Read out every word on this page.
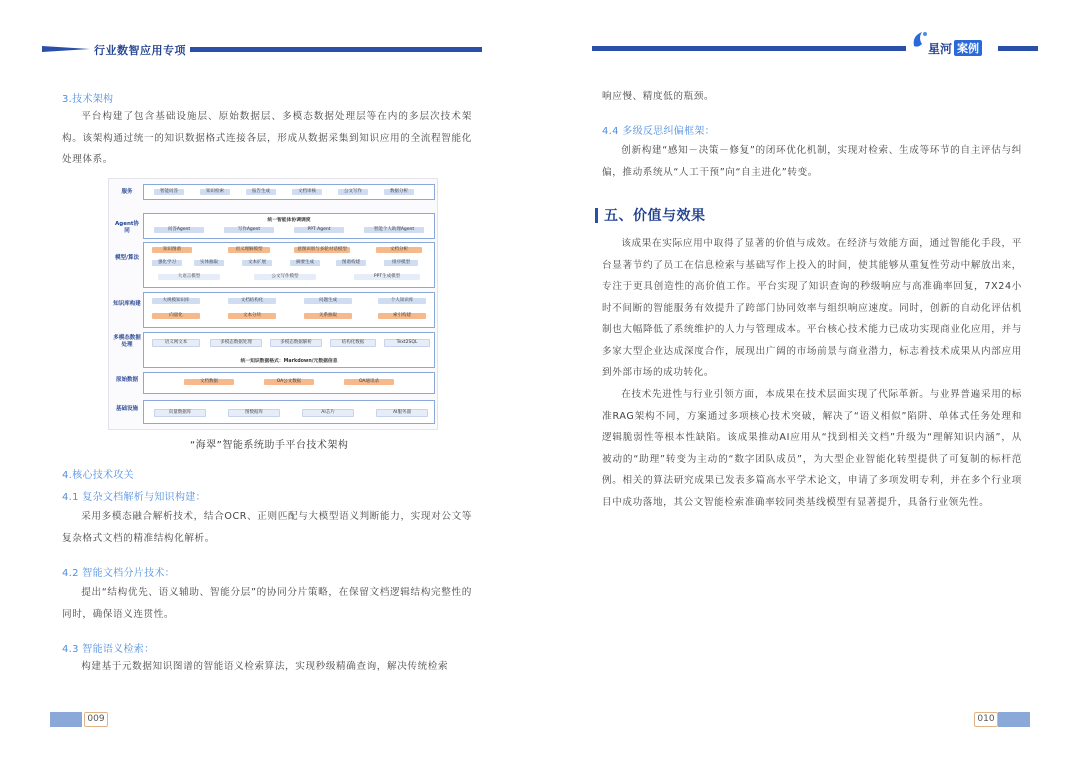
行业数智应用专项
3.技术架构

平台构建了包含基础设施层、原始数据层、多模态数据处理层等在内的多层次技术架构。该架构通过统一的知识数据格式连接各层，形成从数据采集到知识应用的全流程智能化处理体系。

服务	智能问答	知识检索	报告生成	文档审核	公文写作	数据分析
Agent协同
统一智能体协调调度
问答Agent	写作Agent	PPT Agent	智能个人助理Agent
模型/算法
知识图谱	语义理解模型	意图识别与多轮对话模型	文档分析
强化学习	实体抽取	文本扩展	摘要生成	图谱构建	排序模型
大语言模型	公文写作模型	PPT生成模型
知识库构建
大规模知识库	文档结构化	问题生成	个人知识库
向量化	文本分块	关系抽取	索引构建
多模态数据处理	语义网文本	多模态数据处理	多模态数据解析	结构化数据	Text2SQL
统一知识数据格式：Markdown/元数据信息
原始数据	文档数据	OA公文数据	OA通讯录
基础设施
向量数据库	图数据库	AI芯片	AI服务器
“海翠”智能系统助手平台技术架构
4.核心技术攻关
4.1 复杂文档解析与知识构建：

采用多模态融合解析技术，结合OCR、正则匹配与大模型语义判断能力，实现对公文等复杂格式文档的精准结构化解析。

4.2 智能文档分片技术：

提出“结构优先、语义辅助、智能分层”的协同分片策略，在保留文档逻辑结构完整性的同时，确保语义连贯性。

4.3 智能语义检索：

构建基于元数据知识图谱的智能语义检索算法，实现秒级精确查询，解决传统检索

009
星河 案例

响应慢、精度低的瓶颈。

4.4 多级反思纠偏框架：

创新构建“感知－决策－修复”的闭环优化机制，实现对检索、生成等环节的自主评估与纠偏，推动系统从“人工干预”向“自主进化”转变。

五、价值与效果

该成果在实际应用中取得了显著的价值与成效。在经济与效能方面，通过智能化手段，平台显著节约了员工在信息检索与基础写作上投入的时间，使其能够从重复性劳动中解放出来，专注于更具创造性的高价值工作。平台实现了知识查询的秒级响应与高准确率回复，7X24小时不间断的智能服务有效提升了跨部门协同效率与组织响应速度。同时，创新的自动化评估机制也大幅降低了系统维护的人力与管理成本。平台核心技术能力已成功实现商业化应用，并与多家大型企业达成深度合作，展现出广阔的市场前景与商业潜力，标志着技术成果从内部应用到外部市场的成功转化。

在技术先进性与行业引领方面，本成果在技术层面实现了代际革新。与业界普遍采用的标准RAG架构不同，方案通过多项核心技术突破，解决了“语义相似”陷阱、单体式任务处理和逻辑脆弱性等根本性缺陷。该成果推动AI应用从“找到相关文档”升级为“理解知识内涵”，从被动的“助理”转变为主动的“数字团队成员”，为大型企业智能化转型提供了可复制的标杆范例。相关的算法研究成果已发表多篇高水平学术论文，申请了多项发明专利，并在多个行业项目中成功落地，其公文智能检索准确率较同类基线模型有显著提升，具备行业领先性。

010
